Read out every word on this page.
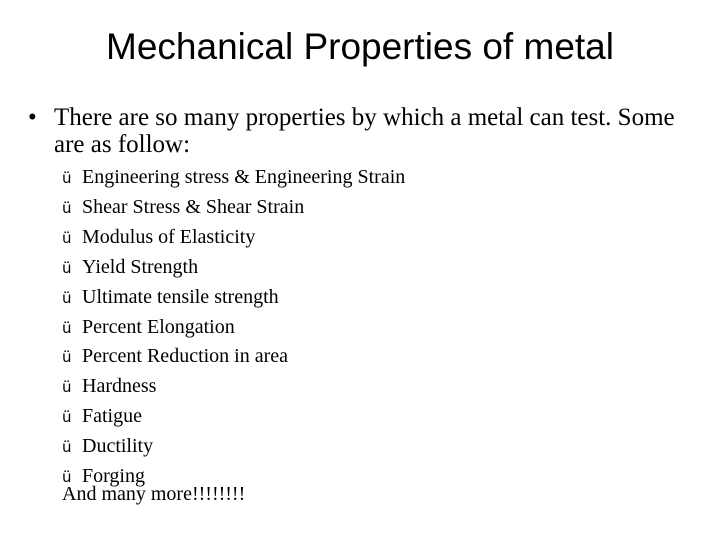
Mechanical Properties of metal
• There are so many properties by which a metal can test. Some are as follow:
ü Engineering stress & Engineering Strain
ü Shear Stress & Shear Strain
ü Modulus of Elasticity
ü Yield Strength
ü Ultimate tensile strength
ü Percent Elongation
ü Percent Reduction in area
ü Hardness
ü Fatigue
ü Ductility
ü Forging
And many more!!!!!!!!
